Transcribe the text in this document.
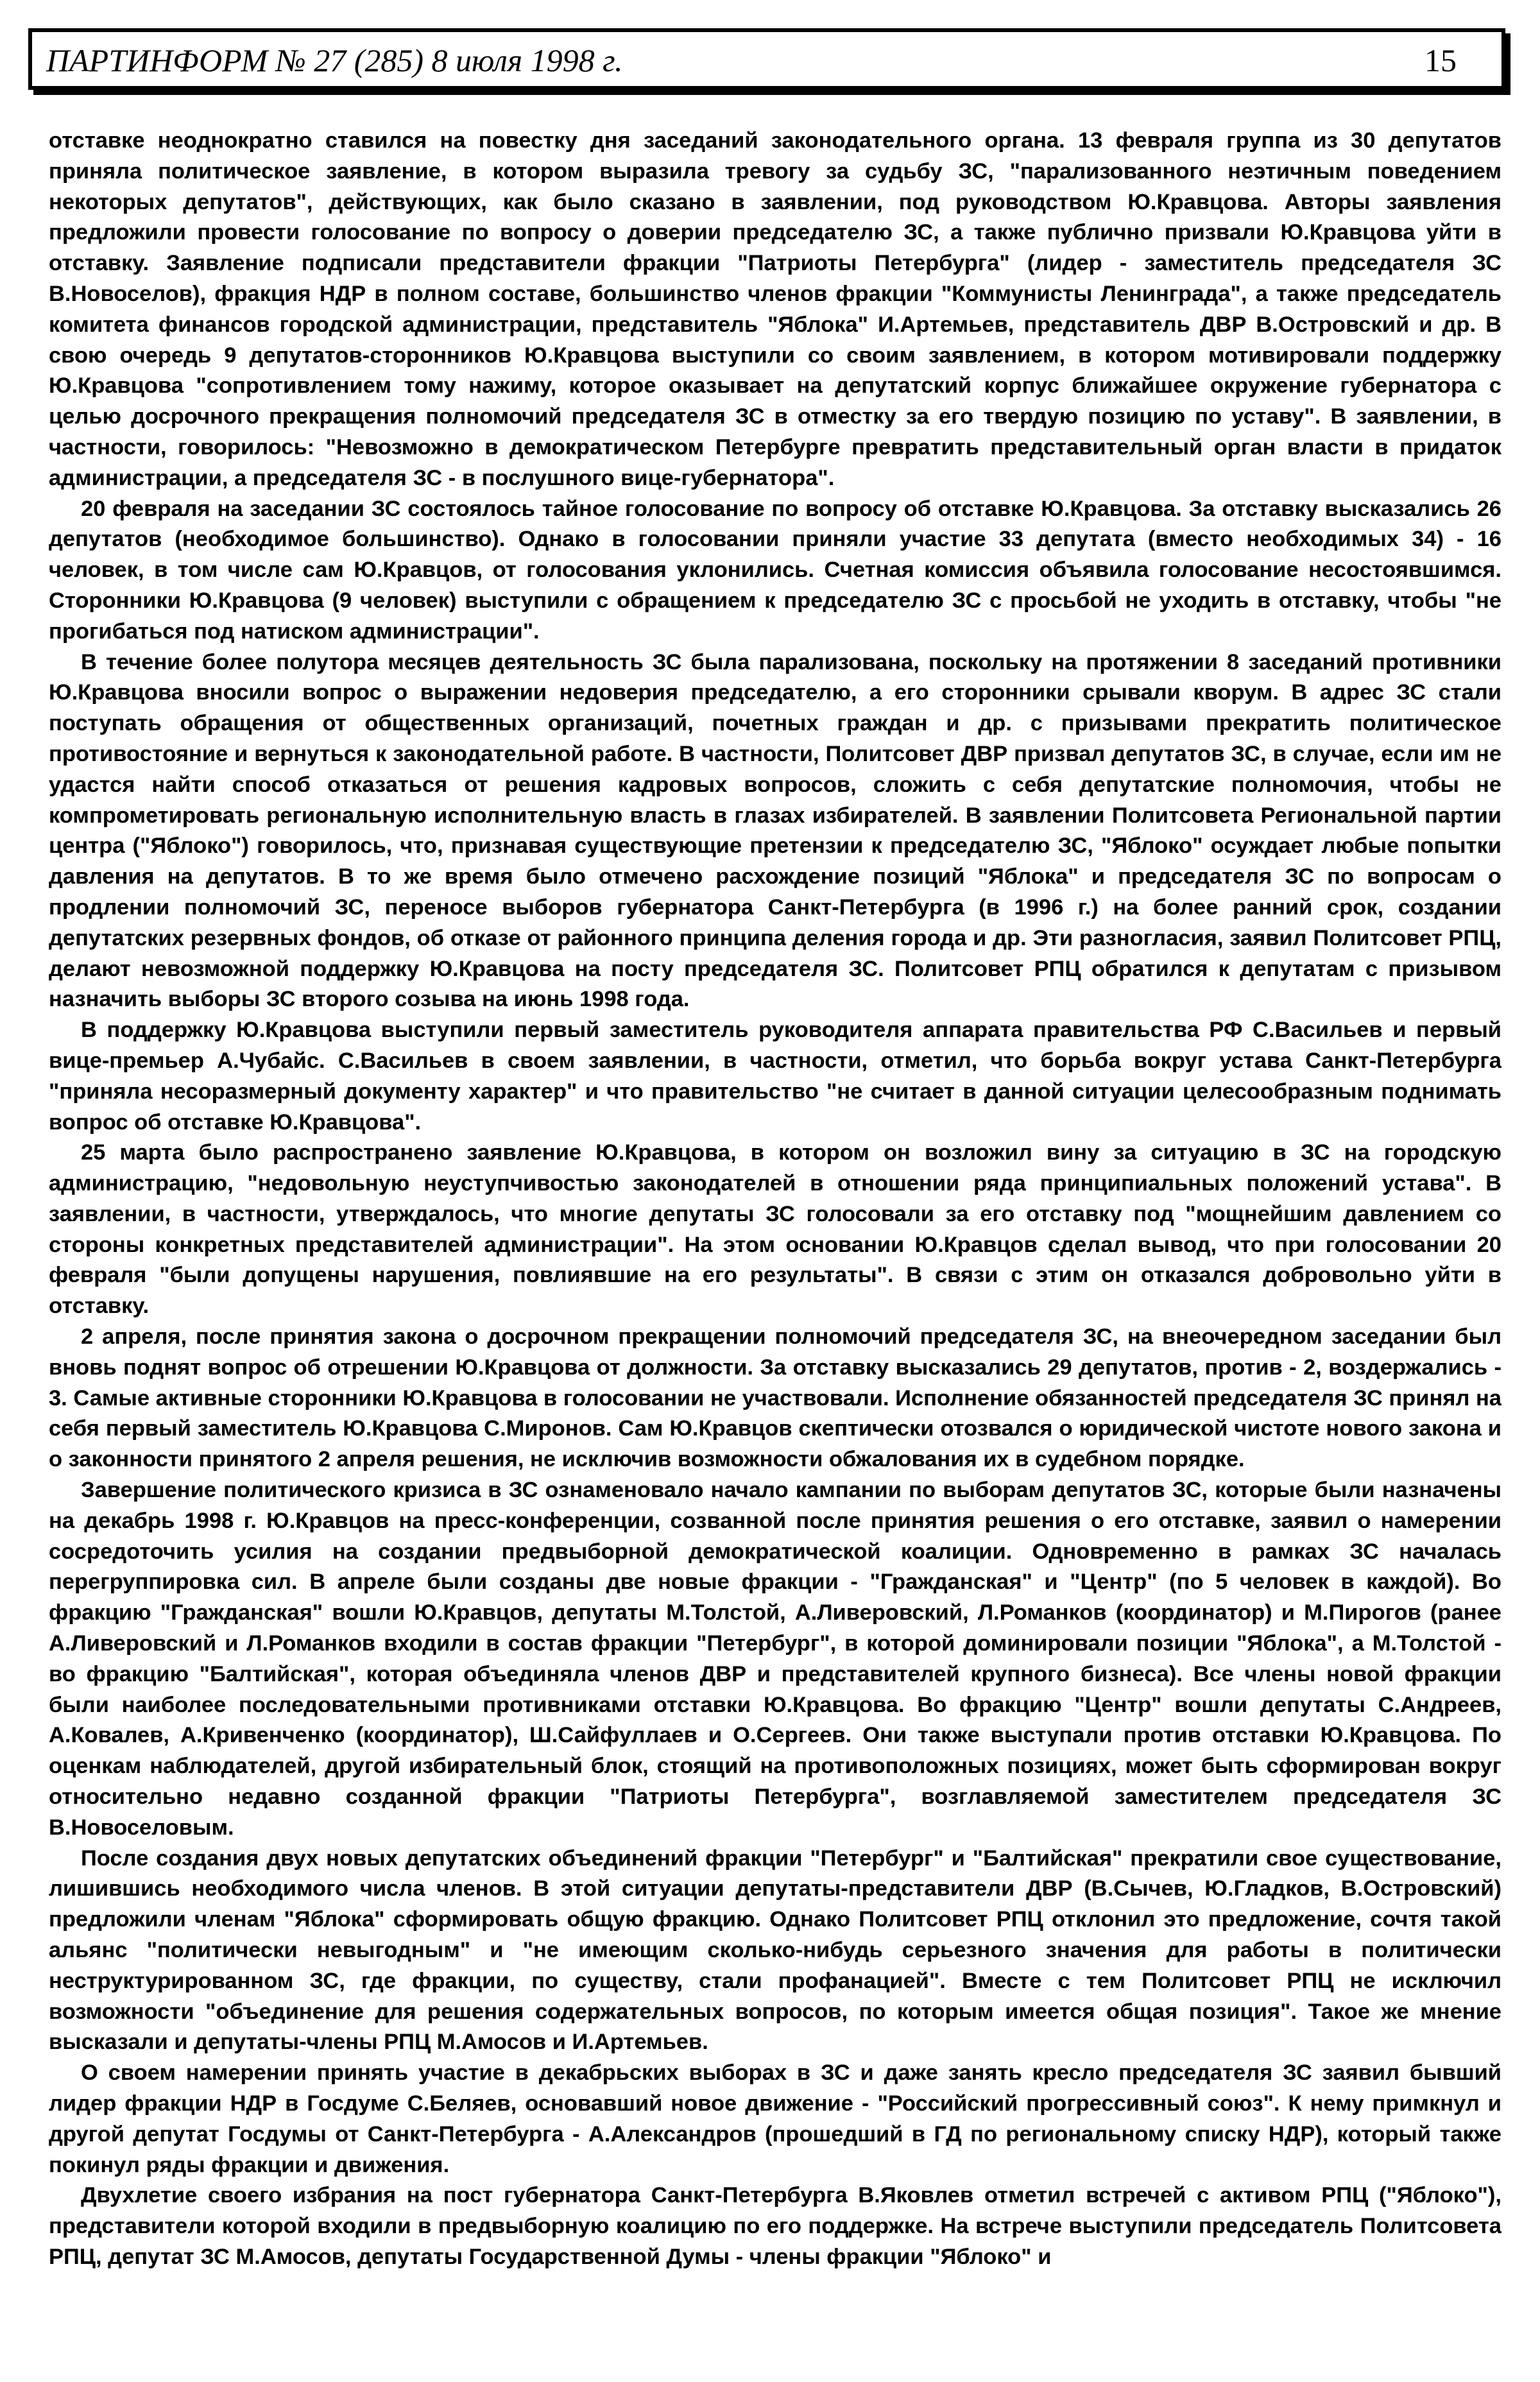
ПАРТИНФОРМ № 27 (285) 8 июля 1998 г.	15

отставке неоднократно ставился на повестку дня заседаний законодательного органа. 13 февраля группа из 30 депутатов приняла политическое заявление, в котором выразила тревогу за судьбу ЗС, "парализованного неэтичным поведением некоторых депутатов", действующих, как было сказано в заявлении, под руководством Ю.Кравцова. Авторы заявления предложили провести голосование по вопросу о доверии председателю ЗС, а также публично призвали Ю.Кравцова уйти в отставку. Заявление подписали представители фракции "Патриоты Петербурга" (лидер - заместитель председателя ЗС В.Новоселов), фракция НДР в полном составе, большинство членов фракции "Коммунисты Ленинграда", а также председатель комитета финансов городской администрации, представитель "Яблока" И.Артемьев, представитель ДВР В.Островский и др. В свою очередь 9 депутатов-сторонников Ю.Кравцова выступили со своим заявлением, в котором мотивировали поддержку Ю.Кравцова "сопротивлением тому нажиму, которое оказывает на депутатский корпус ближайшее окружение губернатора с целью досрочного прекращения полномочий председателя ЗС в отместку за его твердую позицию по уставу". В заявлении, в частности, говорилось: "Невозможно в демократическом Петербурге превратить представительный орган власти в придаток администрации, а председателя ЗС - в послушного вице-губернатора".

20 февраля на заседании ЗС состоялось тайное голосование по вопросу об отставке Ю.Кравцова. За отставку высказались 26 депутатов (необходимое большинство). Однако в голосовании приняли участие 33 депутата (вместо необходимых 34) - 16 человек, в том числе сам Ю.Кравцов, от голосования уклонились. Счетная комиссия объявила голосование несостоявшимся. Сторонники Ю.Кравцова (9 человек) выступили с обращением к председателю ЗС с просьбой не уходить в отставку, чтобы "не прогибаться под натиском администрации".

В течение более полутора месяцев деятельность ЗС была парализована, поскольку на протяжении 8 заседаний противники Ю.Кравцова вносили вопрос о выражении недоверия председателю, а его сторонники срывали кворум. В адрес ЗС стали поступать обращения от общественных организаций, почетных граждан и др. с призывами прекратить политическое противостояние и вернуться к законодательной работе. В частности, Политсовет ДВР призвал депутатов ЗС, в случае, если им не удастся найти способ отказаться от решения кадровых вопросов, сложить с себя депутатские полномочия, чтобы не компрометировать региональную исполнительную власть в глазах избирателей. В заявлении Политсовета Региональной партии центра ("Яблоко") говорилось, что, признавая существующие претензии к председателю ЗС, "Яблоко" осуждает любые попытки давления на депутатов. В то же время было отмечено расхождение позиций "Яблока" и председателя ЗС по вопросам о продлении полномочий ЗС, переносе выборов губернатора Санкт-Петербурга (в 1996 г.) на более ранний срок, создании депутатских резервных фондов, об отказе от районного принципа деления города и др. Эти разногласия, заявил Политсовет РПЦ, делают невозможной поддержку Ю.Кравцова на посту председателя ЗС. Политсовет РПЦ обратился к депутатам с призывом назначить выборы ЗС второго созыва на июнь 1998 года.

В поддержку Ю.Кравцова выступили первый заместитель руководителя аппарата правительства РФ С.Васильев и первый вице-премьер А.Чубайс. С.Васильев в своем заявлении, в частности, отметил, что борьба вокруг устава Санкт-Петербурга "приняла несоразмерный документу характер" и что правительство "не считает в данной ситуации целесообразным поднимать вопрос об отставке Ю.Кравцова".

25 марта было распространено заявление Ю.Кравцова, в котором он возложил вину за ситуацию в ЗС на городскую администрацию, "недовольную неуступчивостью законодателей в отношении ряда принципиальных положений устава". В заявлении, в частности, утверждалось, что многие депутаты ЗС голосовали за его отставку под "мощнейшим давлением со стороны конкретных представителей администрации". На этом основании Ю.Кравцов сделал вывод, что при голосовании 20 февраля "были допущены нарушения, повлиявшие на его результаты". В связи с этим он отказался добровольно уйти в отставку.

2 апреля, после принятия закона о досрочном прекращении полномочий председателя ЗС, на внеочередном заседании был вновь поднят вопрос об отрешении Ю.Кравцова от должности. За отставку высказались 29 депутатов, против - 2, воздержались - 3. Самые активные сторонники Ю.Кравцова в голосовании не участвовали. Исполнение обязанностей председателя ЗС принял на себя первый заместитель Ю.Кравцова С.Миронов. Сам Ю.Кравцов скептически отозвался о юридической чистоте нового закона и о законности принятого 2 апреля решения, не исключив возможности обжалования их в судебном порядке.

Завершение политического кризиса в ЗС ознаменовало начало кампании по выборам депутатов ЗС, которые были назначены на декабрь 1998 г. Ю.Кравцов на пресс-конференции, созванной после принятия решения о его отставке, заявил о намерении сосредоточить усилия на создании предвыборной демократической коалиции. Одновременно в рамках ЗС началась перегруппировка сил. В апреле были созданы две новые фракции - "Гражданская" и "Центр" (по 5 человек в каждой). Во фракцию "Гражданская" вошли Ю.Кравцов, депутаты М.Толстой, А.Ливеровский, Л.Романков (координатор) и М.Пирогов (ранее А.Ливеровский и Л.Романков входили в состав фракции "Петербург", в которой доминировали позиции "Яблока", а М.Толстой - во фракцию "Балтийская", которая объединяла членов ДВР и представителей крупного бизнеса). Все члены новой фракции были наиболее последовательными противниками отставки Ю.Кравцова. Во фракцию "Центр" вошли депутаты С.Андреев, А.Ковалев, А.Кривенченко (координатор), Ш.Сайфуллаев и О.Сергеев. Они также выступали против отставки Ю.Кравцова. По оценкам наблюдателей, другой избирательный блок, стоящий на противоположных позициях, может быть сформирован вокруг относительно недавно созданной фракции "Патриоты Петербурга", возглавляемой заместителем председателя ЗС В.Новоселовым.

После создания двух новых депутатских объединений фракции "Петербург" и "Балтийская" прекратили свое существование, лишившись необходимого числа членов. В этой ситуации депутаты-представители ДВР (В.Сычев, Ю.Гладков, В.Островский) предложили членам "Яблока" сформировать общую фракцию. Однако Политсовет РПЦ отклонил это предложение, сочтя такой альянс "политически невыгодным" и "не имеющим сколько-нибудь серьезного значения для работы в политически неструктурированном ЗС, где фракции, по существу, стали профанацией". Вместе с тем Политсовет РПЦ не исключил возможности "объединение для решения содержательных вопросов, по которым имеется общая позиция". Такое же мнение высказали и депутаты-члены РПЦ М.Амосов и И.Артемьев.

О своем намерении принять участие в декабрьских выборах в ЗС и даже занять кресло председателя ЗС заявил бывший лидер фракции НДР в Госдуме С.Беляев, основавший новое движение - "Российский прогрессивный союз". К нему примкнул и другой депутат Госдумы от Санкт-Петербурга - А.Александров (прошедший в ГД по региональному списку НДР), который также покинул ряды фракции и движения.

Двухлетие своего избрания на пост губернатора Санкт-Петербурга В.Яковлев отметил встречей с активом РПЦ ("Яблоко"), представители которой входили в предвыборную коалицию по его поддержке. На встрече выступили председатель Политсовета РПЦ, депутат ЗС М.Амосов, депутаты Государственной Думы - члены фракции "Яблоко" и
